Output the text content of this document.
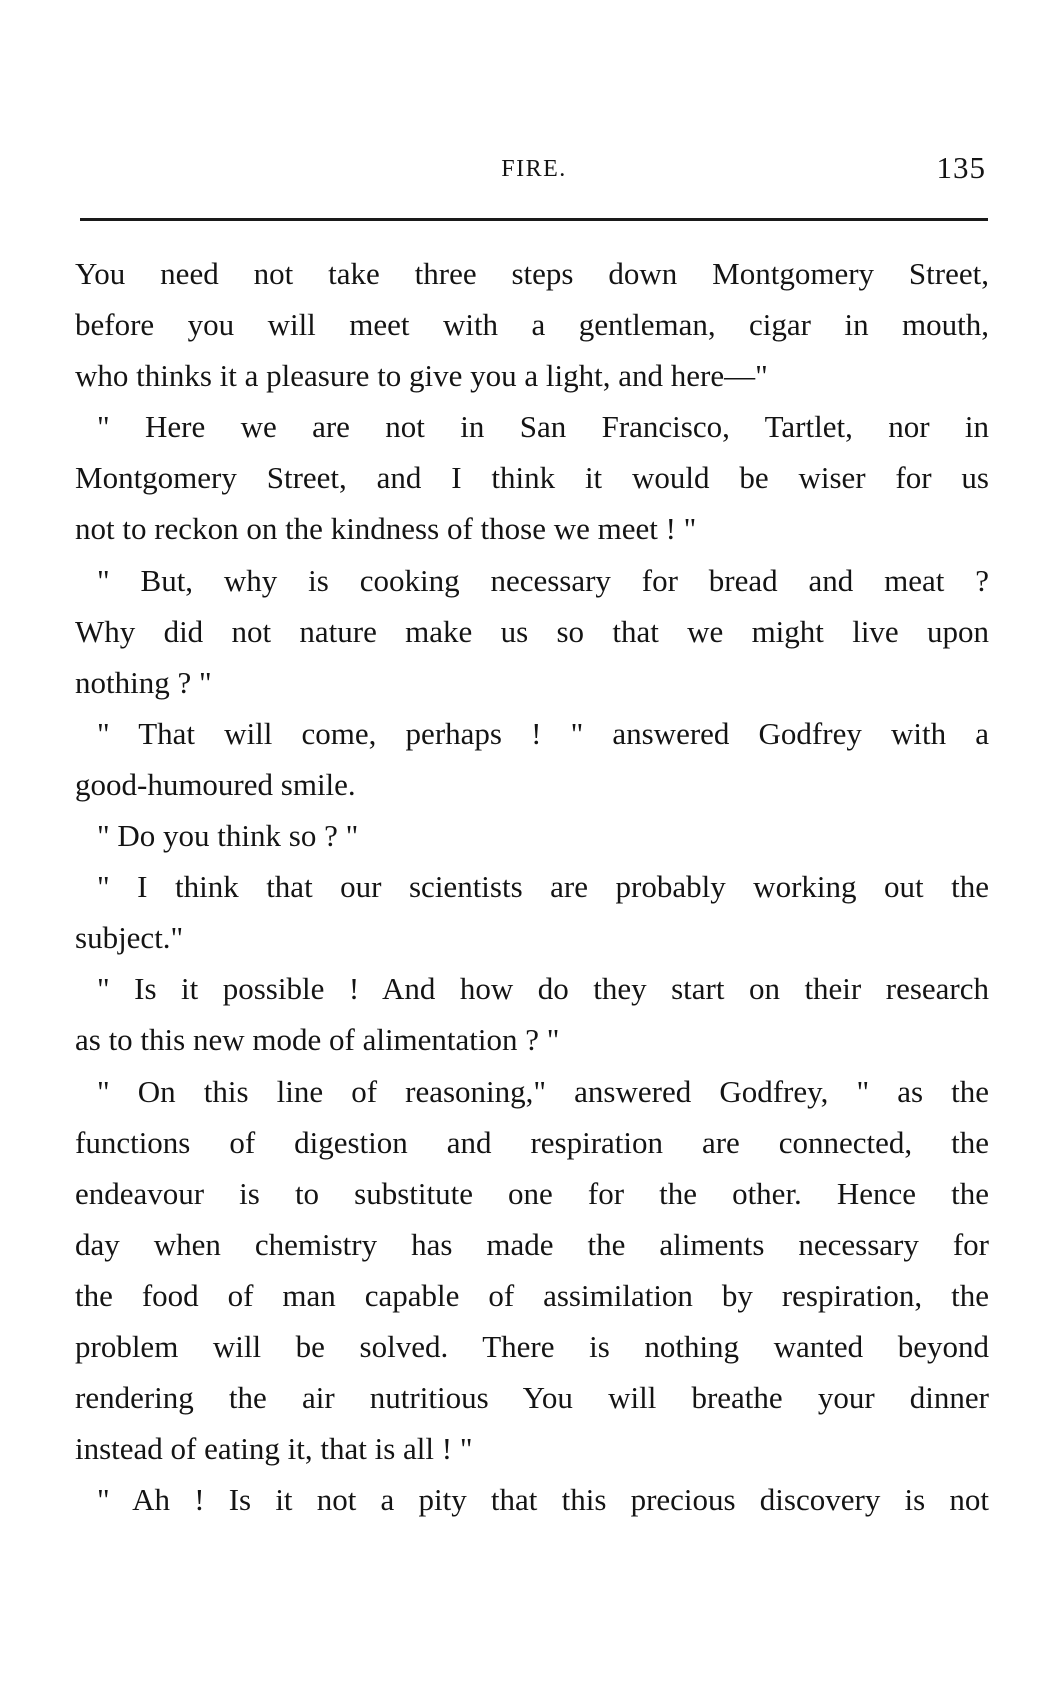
FIRE.	135
You need not take three steps down Montgomery Street,
before you will meet with a gentleman, cigar in mouth,
who thinks it a pleasure to give you a light, and here—"
" Here we are not in San Francisco, Tartlet, nor in
Montgomery Street, and I think it would be wiser for us
not to reckon on the kindness of those we meet ! "
" But, why is cooking necessary for bread and meat ?
Why did not nature make us so that we might live upon
nothing ? "
" That will come, perhaps ! " answered Godfrey with a
good-humoured smile.
" Do you think so ? "
" I think that our scientists are probably working out the
subject."
" Is it possible ! And how do they start on their research
as to this new mode of alimentation ? "
" On this line of reasoning," answered Godfrey, " as the
functions of digestion and respiration are connected, the
endeavour is to substitute one for the other. Hence the
day when chemistry has made the aliments necessary for
the food of man capable of assimilation by respiration, the
problem will be solved. There is nothing wanted beyond
rendering the air nutritious You will breathe your dinner
instead of eating it, that is all ! "
" Ah ! Is it not a pity that this precious discovery is not
